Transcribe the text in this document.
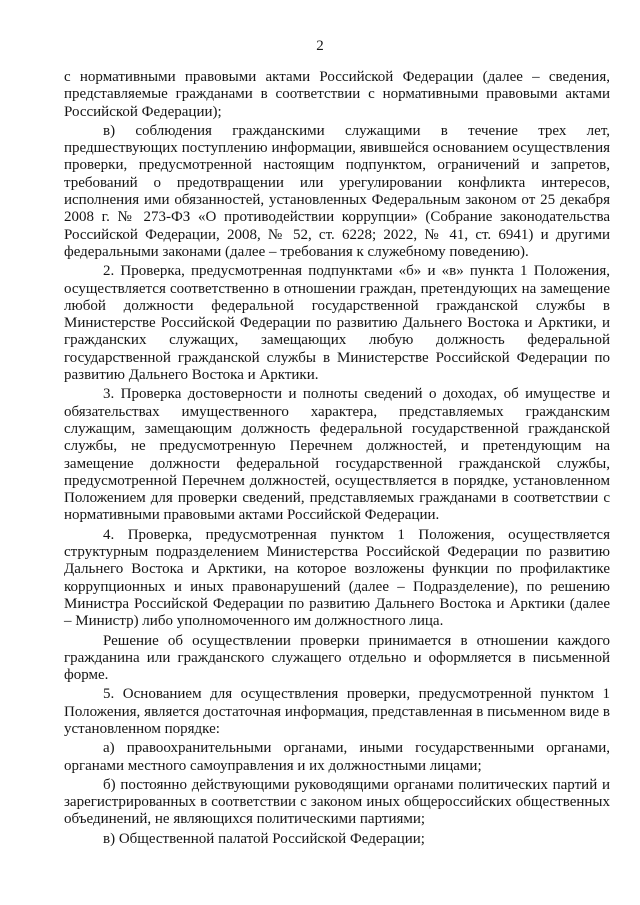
2

с нормативными правовыми актами Российской Федерации (далее – сведения, представляемые гражданами в соответствии с нормативными правовыми актами Российской Федерации);

в) соблюдения гражданскими служащими в течение трех лет, предшествующих поступлению информации, явившейся основанием осуществления проверки, предусмотренной настоящим подпунктом, ограничений и запретов, требований о предотвращении или урегулировании конфликта интересов, исполнения ими обязанностей, установленных Федеральным законом от 25 декабря 2008 г. № 273-ФЗ «О противодействии коррупции» (Собрание законодательства Российской Федерации, 2008, № 52, ст. 6228; 2022, № 41, ст. 6941) и другими федеральными законами (далее – требования к служебному поведению).

2. Проверка, предусмотренная подпунктами «б» и «в» пункта 1 Положения, осуществляется соответственно в отношении граждан, претендующих на замещение любой должности федеральной государственной гражданской службы в Министерстве Российской Федерации по развитию Дальнего Востока и Арктики, и гражданских служащих, замещающих любую должность федеральной государственной гражданской службы в Министерстве Российской Федерации по развитию Дальнего Востока и Арктики.

3. Проверка достоверности и полноты сведений о доходах, об имуществе и обязательствах имущественного характера, представляемых гражданским служащим, замещающим должность федеральной государственной гражданской службы, не предусмотренную Перечнем должностей, и претендующим на замещение должности федеральной государственной гражданской службы, предусмотренной Перечнем должностей, осуществляется в порядке, установленном Положением для проверки сведений, представляемых гражданами в соответствии с нормативными правовыми актами Российской Федерации.

4. Проверка, предусмотренная пунктом 1 Положения, осуществляется структурным подразделением Министерства Российской Федерации по развитию Дальнего Востока и Арктики, на которое возложены функции по профилактике коррупционных и иных правонарушений (далее – Подразделение), по решению Министра Российской Федерации по развитию Дальнего Востока и Арктики (далее – Министр) либо уполномоченного им должностного лица.

Решение об осуществлении проверки принимается в отношении каждого гражданина или гражданского служащего отдельно и оформляется в письменной форме.

5. Основанием для осуществления проверки, предусмотренной пунктом 1 Положения, является достаточная информация, представленная в письменном виде в установленном порядке:

а) правоохранительными органами, иными государственными органами, органами местного самоуправления и их должностными лицами;

б) постоянно действующими руководящими органами политических партий и зарегистрированных в соответствии с законом иных общероссийских общественных объединений, не являющихся политическими партиями;

в) Общественной палатой Российской Федерации;
